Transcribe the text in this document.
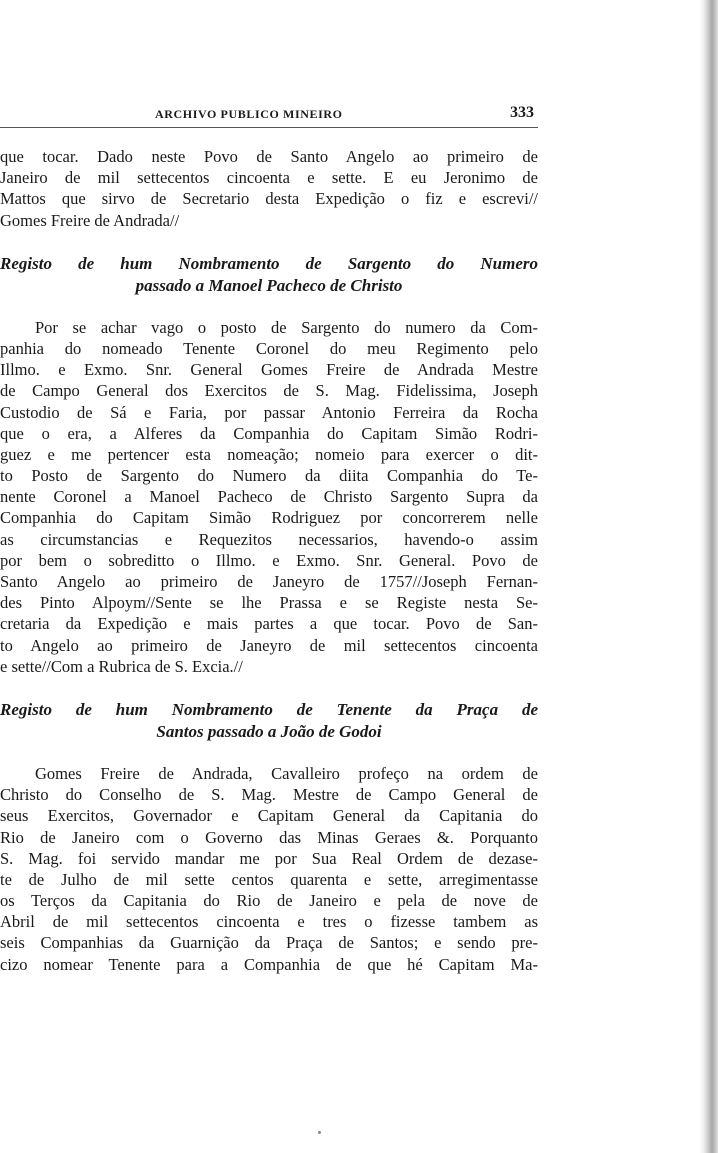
ARCHIVO PUBLICO MINEIRO	333
que tocar. Dado neste Povo de Santo Angelo ao primeiro de
Janeiro de mil settecentos cincoenta e sette. E eu Jeronimo de
Mattos que sirvo de Secretario desta Expedição o fiz e escrevi//
Gomes Freire de Andrada//
Registo de hum Nombramento de Sargento do Numero
passado a Manoel Pacheco de Christo
Por se achar vago o posto de Sargento do numero da Com-
panhia do nomeado Tenente Coronel do meu Regimento pelo
Illmo. e Exmo. Snr. General Gomes Freire de Andrada Mestre
de Campo General dos Exercitos de S. Mag. Fidelissima, Joseph
Custodio de Sá e Faria, por passar Antonio Ferreira da Rocha
que o era, a Alferes da Companhia do Capitam Simão Rodri-
guez e me pertencer esta nomeação; nomeio para exercer o dit-
to Posto de Sargento do Numero da diita Companhia do Te-
nente Coronel a Manoel Pacheco de Christo Sargento Supra da
Companhia do Capitam Simão Rodriguez por concorrerem nelle
as circumstancias e Requezitos necessarios, havendo-o assim
por bem o sobreditto o Illmo. e Exmo. Snr. General. Povo de
Santo Angelo ao primeiro de Janeyro de 1757//Joseph Fernan-
des Pinto Alpoym//Sente se lhe Prassa e se Registe nesta Se-
cretaria da Expedição e mais partes a que tocar. Povo de San-
to Angelo ao primeiro de Janeyro de mil settecentos cincoenta
e sette//Com a Rubrica de S. Excia.//
Registo de hum Nombramento de Tenente da Praça de
Santos passado a João de Godoi
Gomes Freire de Andrada, Cavalleiro profeço na ordem de
Christo do Conselho de S. Mag. Mestre de Campo General de
seus Exercitos, Governador e Capitam General da Capitania do
Rio de Janeiro com o Governo das Minas Geraes &. Porquanto
S. Mag. foi servido mandar me por Sua Real Ordem de dezase-
te de Julho de mil sette centos quarenta e sette, arregimentasse
os Terços da Capitania do Rio de Janeiro e pela de nove de
Abril de mil settecentos cincoenta e tres o fizesse tambem as
seis Companhias da Guarnição da Praça de Santos; e sendo pre-
cizo nomear Tenente para a Companhia de que hé Capitam Ma-
